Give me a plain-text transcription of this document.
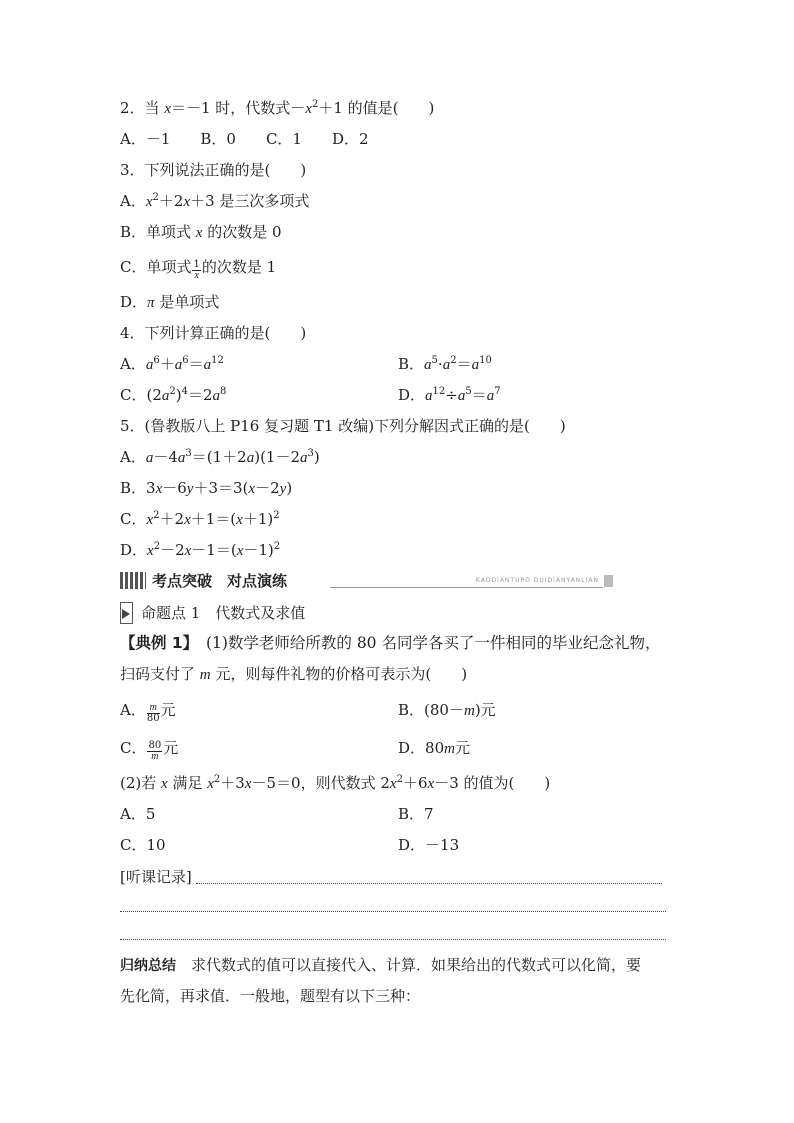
2．当 x＝－1 时，代数式$-x^2+1$ 的值是(　　)
A．－1　　B．0　　C．1　　D．2
3．下列说法正确的是(　　)
A．$x^2+2x+3$ 是三次多项式
B．单项式 x 的次数是 0
C．单项式 $\frac{1}{x}$ 的次数是 1
D．π 是单项式
4．下列计算正确的是(　　)
A．$a^6+a^6=a^{12}$	B．$a^5\cdot a^2=a^{10}$
C．$(2a^2)^4=2a^8$	D．$a^{12}\div a^5=a^7$
5．(鲁教版八上 P16 复习题 T1 改编)下列分解因式正确的是(　　)
A．$a-4a^3=(1+2a)(1-2a^3)$
B．3x－6y＋3＝3(x－2y)
C．$x^2+2x+1=(x+1)^2$
D．$x^2-2x-1=(x-1)^2$
考点突破　对点演练	KAODIANTUPO DUIDIANYANLIAN
命题点 1　代数式及求值
【典例 1】　(1)数学老师给所教的 80 名同学各买了一件相同的毕业纪念礼物，
扫码支付了 m 元，则每件礼物的价格可表示为(　　)
A． $\frac{m}{80}$ 元	B．(80－m)元
C． $\frac{80}{m}$ 元	D．80m元
(2)若 x 满足 $x^2+3x-5=0$，则代数式 $2x^2+6x-3$ 的值为(　　)
A．5	B．7
C．10	D．－13
[听课记录]
归纳总结　求代数式的值可以直接代入、计算．如果给出的代数式可以化简，要
先化简，再求值．一般地，题型有以下三种：
